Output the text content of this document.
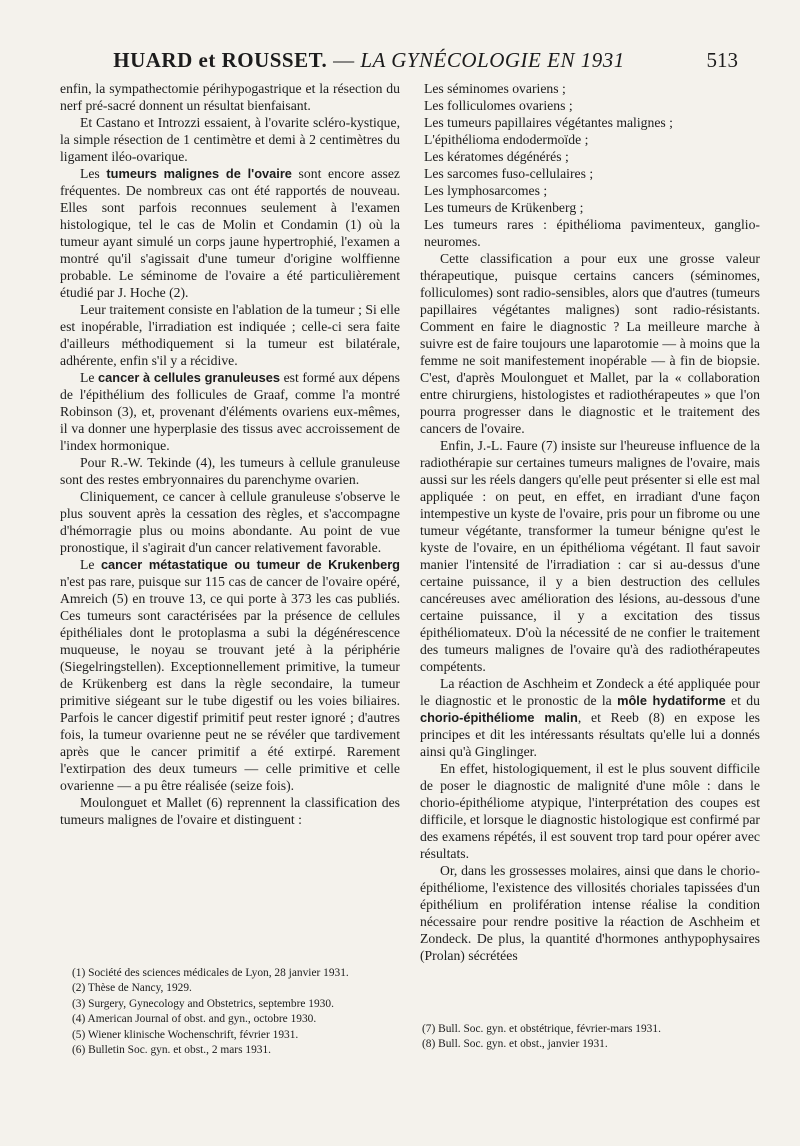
HUARD et ROUSSET. — LA GYNÉCOLOGIE EN 1931	513

enfin, la sympathectomie périhypogastrique et la résection du nerf pré-sacré donnent un résultat bienfaisant.

Et Castano et Introzzi essaient, à l'ovarite scléro-kystique, la simple résection de 1 centimètre et demi à 2 centimètres du ligament iléo-ovarique.

Les tumeurs malignes de l'ovaire sont encore assez fréquentes. De nombreux cas ont été rapportés de nouveau. Elles sont parfois reconnues seulement à l'examen histologique, tel le cas de Molin et Condamin (1) où la tumeur ayant simulé un corps jaune hypertrophié, l'examen a montré qu'il s'agissait d'une tumeur d'origine wolffienne probable. Le séminome de l'ovaire a été particulièrement étudié par J. Hoche (2).

Leur traitement consiste en l'ablation de la tumeur ; Si elle est inopérable, l'irradiation est indiquée ; celle-ci sera faite d'ailleurs méthodiquement si la tumeur est bilatérale, adhérente, enfin s'il y a récidive.

Le cancer à cellules granuleuses est formé aux dépens de l'épithélium des follicules de Graaf, comme l'a montré Robinson (3), et, provenant d'éléments ovariens eux-mêmes, il va donner une hyperplasie des tissus avec accroissement de l'index hormonique.

Pour R.-W. Tekinde (4), les tumeurs à cellule granuleuse sont des restes embryonnaires du parenchyme ovarien.

Cliniquement, ce cancer à cellule granuleuse s'observe le plus souvent après la cessation des règles, et s'accompagne d'hémorragie plus ou moins abondante. Au point de vue pronostique, il s'agirait d'un cancer relativement favorable.

Le cancer métastatique ou tumeur de Krukenberg n'est pas rare, puisque sur 115 cas de cancer de l'ovaire opéré, Amreich (5) en trouve 13, ce qui porte à 373 les cas publiés. Ces tumeurs sont caractérisées par la présence de cellules épithéliales dont le protoplasma a subi la dégénérescence muqueuse, le noyau se trouvant jeté à la périphérie (Siegelringstellen). Exceptionnellement primitive, la tumeur de Krükenberg est dans la règle secondaire, la tumeur primitive siégeant sur le tube digestif ou les voies biliaires. Parfois le cancer digestif primitif peut rester ignoré ; d'autres fois, la tumeur ovarienne peut ne se révéler que tardivement après que le cancer primitif a été extirpé. Rarement l'extirpation des deux tumeurs — celle primitive et celle ovarienne — a pu être réalisée (seize fois).

Moulonguet et Mallet (6) reprennent la classification des tumeurs malignes de l'ovaire et distinguent :

(1) Société des sciences médicales de Lyon, 28 janvier 1931.
(2) Thèse de Nancy, 1929.
(3) Surgery, Gynecology and Obstetrics, septembre 1930.
(4) American Journal of obst. and gyn., octobre 1930.
(5) Wiener klinische Wochenschrift, février 1931.
(6) Bulletin Soc. gyn. et obst., 2 mars 1931.
Les séminomes ovariens ;
Les folliculomes ovariens ;
Les tumeurs papillaires végétantes malignes ;
L'épithélioma endodermoïde ;
Les kératomes dégénérés ;
Les sarcomes fuso-cellulaires ;
Les lymphosarcomes ;
Les tumeurs de Krükenberg ;
Les tumeurs rares : épithélioma pavimenteux, ganglio-neuromes.

Cette classification a pour eux une grosse valeur thérapeutique, puisque certains cancers (séminomes, folliculomes) sont radio-sensibles, alors que d'autres (tumeurs papillaires végétantes malignes) sont radio-résistants. Comment en faire le diagnostic ? La meilleure marche à suivre est de faire toujours une laparotomie — à moins que la femme ne soit manifestement inopérable — à fin de biopsie. C'est, d'après Moulonguet et Mallet, par la « collaboration entre chirurgiens, histologistes et radiothérapeutes » que l'on pourra progresser dans le diagnostic et le traitement des cancers de l'ovaire.

Enfin, J.-L. Faure (7) insiste sur l'heureuse influence de la radiothérapie sur certaines tumeurs malignes de l'ovaire, mais aussi sur les réels dangers qu'elle peut présenter si elle est mal appliquée : on peut, en effet, en irradiant d'une façon intempestive un kyste de l'ovaire, pris pour un fibrome ou une tumeur végétante, transformer la tumeur bénigne qu'est le kyste de l'ovaire, en un épithélioma végétant. Il faut savoir manier l'intensité de l'irradiation : car si au-dessus d'une certaine puissance, il y a bien destruction des cellules cancéreuses avec amélioration des lésions, au-dessous d'une certaine puissance, il y a excitation des tissus épithéliomateux. D'où la nécessité de ne confier le traitement des tumeurs malignes de l'ovaire qu'à des radiothérapeutes compétents.

La réaction de Aschheim et Zondeck a été appliquée pour le diagnostic et le pronostic de la môle hydatiforme et du chorio-épithéliome malin, et Reeb (8) en expose les principes et dit les intéressants résultats qu'elle lui a donnés ainsi qu'à Ginglinger.

En effet, histologiquement, il est le plus souvent difficile de poser le diagnostic de malignité d'une môle : dans le chorio-épithéliome atypique, l'interprétation des coupes est difficile, et lorsque le diagnostic histologique est confirmé par des examens répétés, il est souvent trop tard pour opérer avec résultats.

Or, dans les grossesses molaires, ainsi que dans le chorio-épithéliome, l'existence des villosités choriales tapissées d'un épithélium en prolifération intense réalise la condition nécessaire pour rendre positive la réaction de Aschheim et Zondeck. De plus, la quantité d'hormones anthypophysaires (Prolan) sécrétées

(7) Bull. Soc. gyn. et obstétrique, février-mars 1931.
(8) Bull. Soc. gyn. et obst., janvier 1931.
